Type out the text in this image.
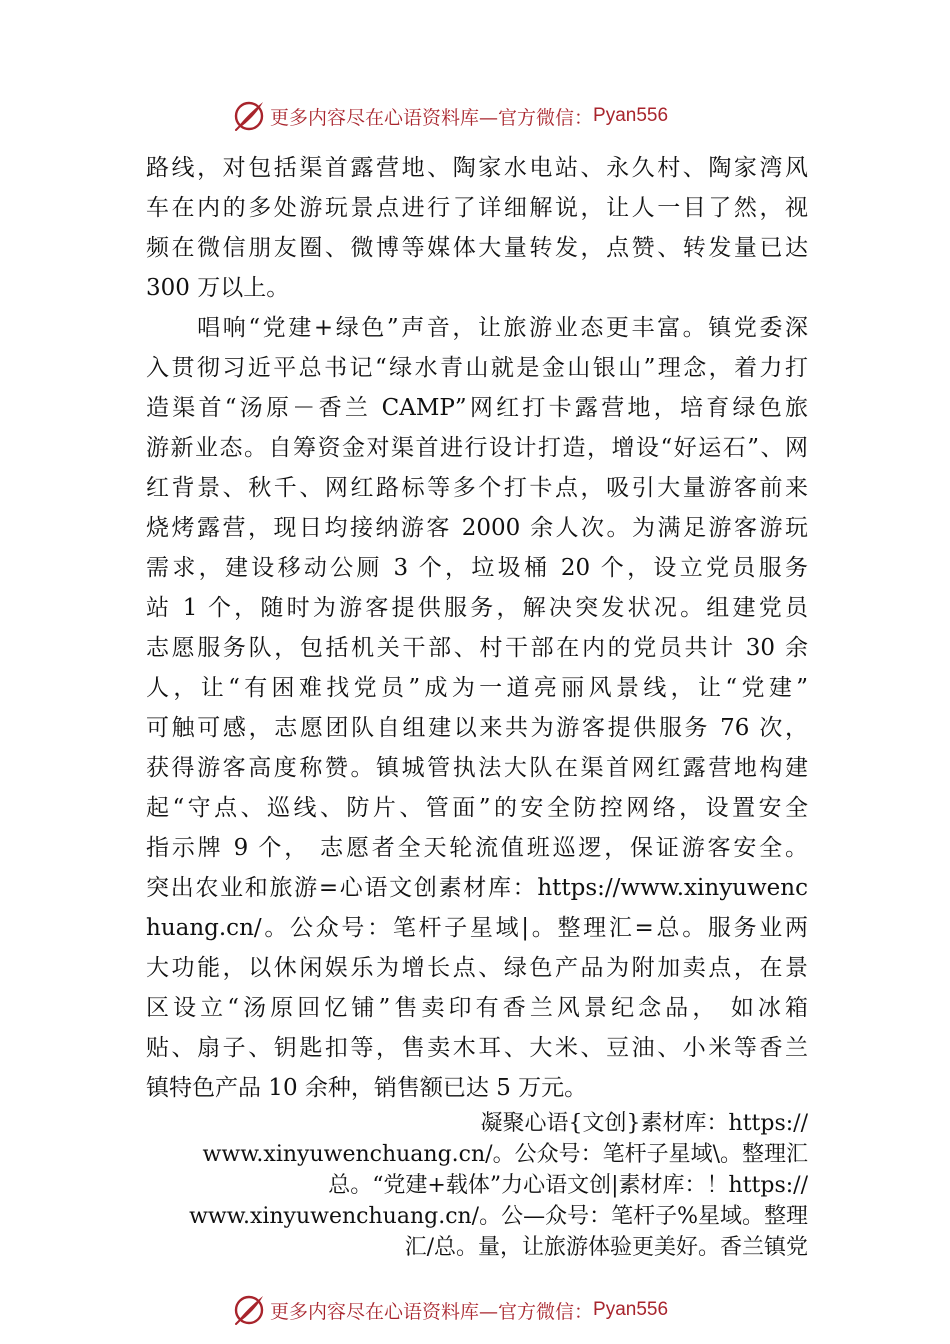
更多内容尽在心语资料库—官方微信： Pyan556
路线，对包括渠首露营地、陶家水电站、永久村、陶家湾风
车在内的多处游玩景点进行了详细解说，让人一目了然，视
频在微信朋友圈、微博等媒体大量转发，点赞、转发量已达
300 万以上。
　　唱响“党建+绿色”声音，让旅游业态更丰富。镇党委深
入贯彻习近平总书记“绿水青山就是金山银山”理念，着力打
造渠首“汤原－香兰 CAMP”网红打卡露营地，培育绿色旅
游新业态。自筹资金对渠首进行设计打造，增设“好运石”、网
红背景、秋千、网红路标等多个打卡点，吸引大量游客前来
烧烤露营，现日均接纳游客 2000 余人次。为满足游客游玩
需求，建设移动公厕 3 个，垃圾桶 20 个，设立党员服务
站 1 个，随时为游客提供服务，解决突发状况。组建党员
志愿服务队，包括机关干部、村干部在内的党员共计 30 余
人，让“有困难找党员”成为一道亮丽风景线，让“党建”
可触可感，志愿团队自组建以来共为游客提供服务 76 次，
获得游客高度称赞。镇城管执法大队在渠首网红露营地构建
起“守点、巡线、防片、管面”的安全防控网络，设置安全
指示牌 9 个， 志愿者全天轮流值班巡逻，保证游客安全。
突出农业和旅游=心语文创素材库：https://www.xinyuwenc
huang.cn/。公众号：笔杆子星域|。整理汇=总。服务业两
大功能，以休闲娱乐为增长点、绿色产品为附加卖点，在景
区设立“汤原回忆铺”售卖印有香兰风景纪念品， 如冰箱
贴、扇子、钥匙扣等，售卖木耳、大米、豆油、小米等香兰
镇特色产品 10 余种，销售额已达 5 万元。
凝聚心语{文创}素材库：https://
www.xinyuwenchuang.cn/。公众号：笔杆子星域\。整理汇
总。“党建+载体”力心语文创|素材库：！https://
www.xinyuwenchuang.cn/。公—众号：笔杆子%星域。整理
汇/总。量，让旅游体验更美好。香兰镇党
更多内容尽在心语资料库—官方微信： Pyan556
